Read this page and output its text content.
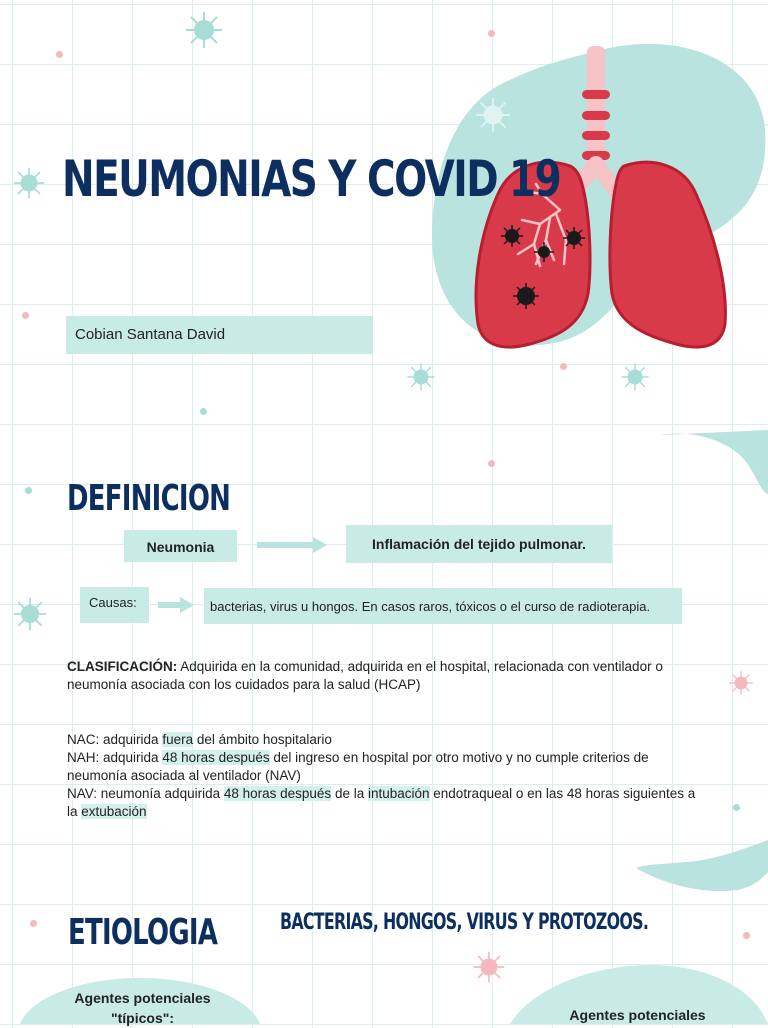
NEUMONIAS Y COVID 19
Cobian Santana David
DEFINICION
Neumonia	Inflamación del tejido pulmonar.
Causas:	bacterias, virus u hongos. En casos raros, tóxicos o el curso de radioterapia.
CLASIFICACIÓN: Adquirida en la comunidad, adquirida en el hospital, relacionada con ventilador o neumonía asociada con los cuidados para la salud (HCAP)
NAC: adquirida fuera del ámbito hospitalario
NAH: adquirida 48 horas después del ingreso en hospital por otro motivo y no cumple criterios de neumonía asociada al ventilador (NAV)
NAV: neumonía adquirida 48 horas después de la intubación endotraqueal o en las 48 horas siguientes a la extubación
ETIOLOGIA	BACTERIAS, HONGOS, VIRUS Y PROTOZOOS.
Agentes potenciales
"típicos":	Agentes potenciales
